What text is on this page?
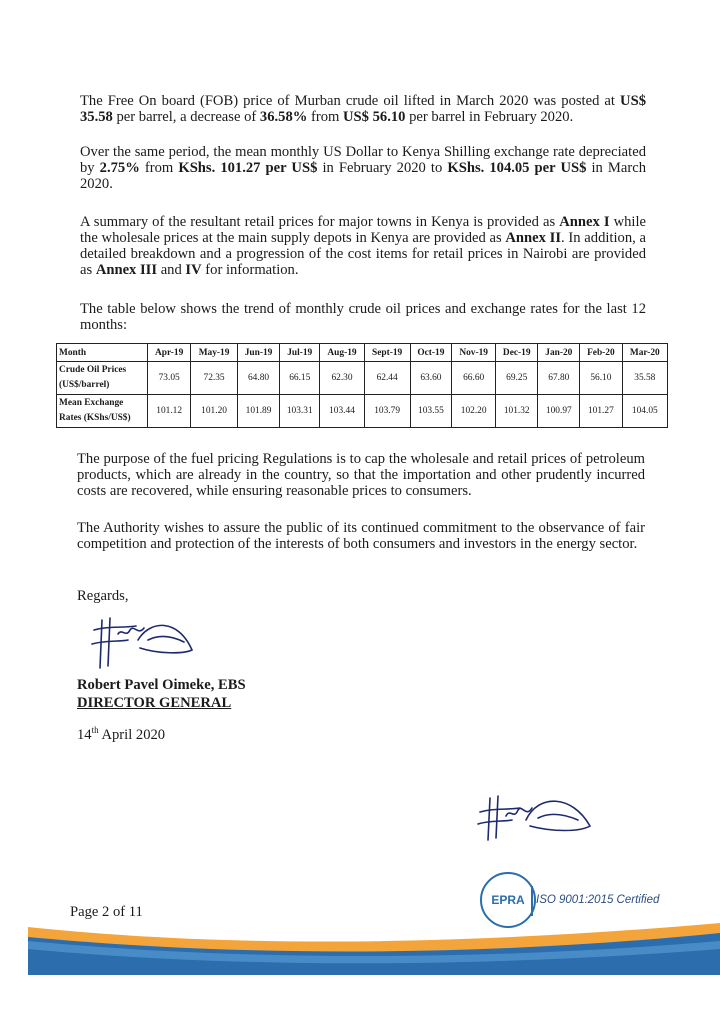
The Free On board (FOB) price of Murban crude oil lifted in March 2020 was posted at US$ 35.58 per barrel, a decrease of 36.58% from US$ 56.10 per barrel in February 2020.

Over the same period, the mean monthly US Dollar to Kenya Shilling exchange rate depreciated by 2.75% from KShs. 101.27 per US$ in February 2020 to KShs. 104.05 per US$ in March 2020.

A summary of the resultant retail prices for major towns in Kenya is provided as Annex I while the wholesale prices at the main supply depots in Kenya are provided as Annex II. In addition, a detailed breakdown and a progression of the cost items for retail prices in Nairobi are provided as Annex III and IV for information.

The table below shows the trend of monthly crude oil prices and exchange rates for the last 12 months:

Month	Apr-19	May-19	Jun-19	Jul-19	Aug-19	Sept-19	Oct-19	Nov-19	Dec-19	Jan-20	Feb-20	Mar-20
Crude Oil Prices
(US$/barrel)	73.05	72.35	64.80	66.15	62.30	62.44	63.60	66.60	69.25	67.80	56.10	35.58
Mean Exchange
Rates (KShs/US$)	101.12	101.20	101.89	103.31	103.44	103.79	103.55	102.20	101.32	100.97	101.27	104.05

The purpose of the fuel pricing Regulations is to cap the wholesale and retail prices of petroleum products, which are already in the country, so that the importation and other prudently incurred costs are recovered, while ensuring reasonable prices to consumers.

The Authority wishes to assure the public of its continued commitment to the observance of fair competition and protection of the interests of both consumers and investors in the energy sector.

Regards,
Robert Pavel Oimeke, EBS
DIRECTOR GENERAL
14th April 2020
Page 2 of 11
EPRA ISO 9001:2015 Certified
